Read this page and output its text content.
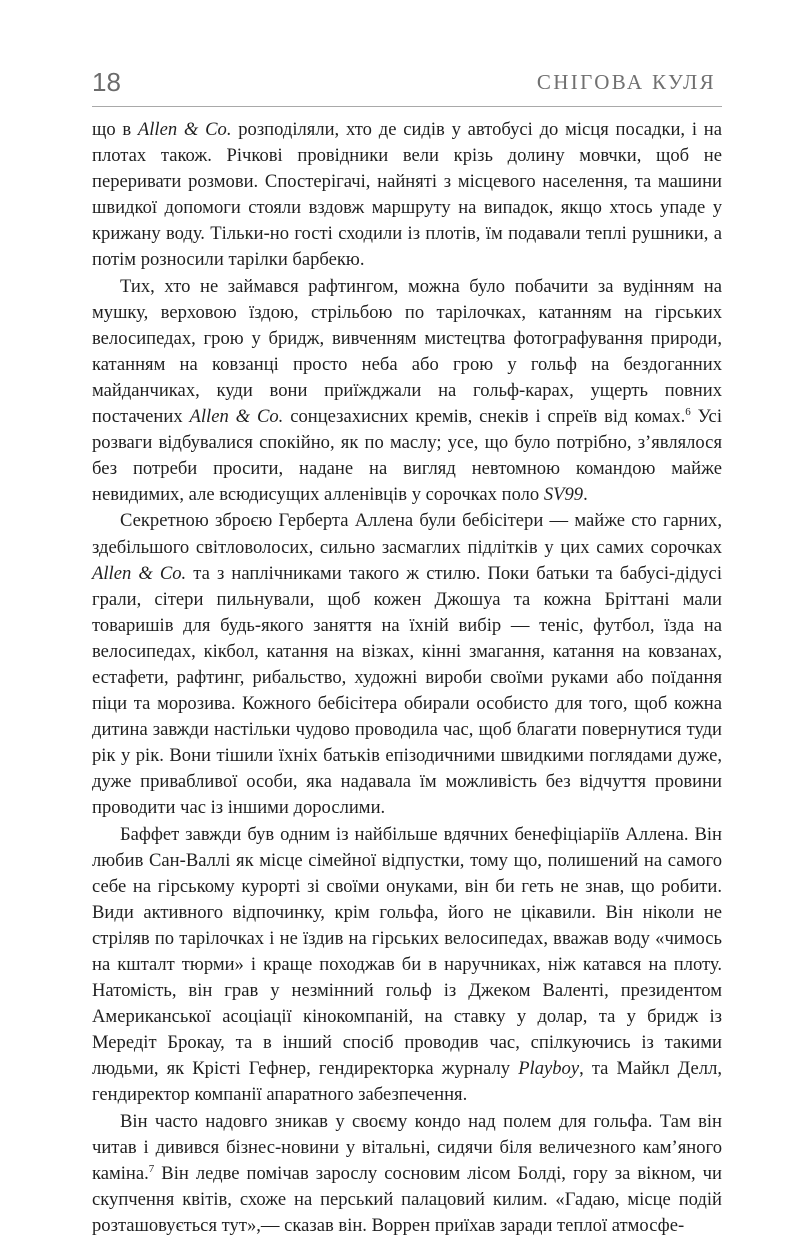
18	СНІГОВА КУЛЯ

що в Allen & Co. розподіляли, хто де сидів у автобусі до місця посадки, і на плотах також. Річкові провідники вели крізь долину мовчки, щоб не переривати розмови. Спостерігачі, найняті з місцевого населення, та машини швидкої допомоги стояли вздовж маршруту на випадок, якщо хтось упаде у крижану воду. Тільки-но гості сходили із плотів, їм подавали теплі рушники, а потім розносили тарілки барбекю.

Тих, хто не займався рафтингом, можна було побачити за вудінням на мушку, верховою їздою, стрільбою по тарілочках, катанням на гірських велосипедах, грою у бридж, вивченням мистецтва фотографування природи, катанням на ковзанці просто неба або грою у гольф на бездоганних майданчиках, куди вони приїжджали на гольф-карах, ущерть повних постачених Allen & Co. сонцезахисних кремів, снеків і спреїв від комах.$^6$ Усі розваги відбувалися спокійно, як по маслу; усе, що було потрібно, з’являлося без потреби просити, надане на вигляд невтомною командою майже невидимих, але всюдисущих алленівців у сорочках поло SV99.

Секретною зброєю Герберта Аллена були бебісітери — майже сто гарних, здебільшого світловолосих, сильно засмаглих підлітків у цих самих сорочках Allen & Co. та з наплічниками такого ж стилю. Поки батьки та бабусі-дідусі грали, сітери пильнували, щоб кожен Джошуа та кожна Бріттані мали товаришів для будь-якого заняття на їхній вибір — теніс, футбол, їзда на велосипедах, кікбол, катання на візках, кінні змагання, катання на ковзанах, естафети, рафтинг, рибальство, художні вироби своїми руками або поїдання піци та морозива. Кожного бебісітера обирали особисто для того, щоб кожна дитина завжди настільки чудово проводила час, щоб благати повернутися туди рік у рік. Вони тішили їхніх батьків епізодичними швидкими поглядами дуже, дуже привабливої особи, яка надавала їм можливість без відчуття провини проводити час із іншими дорослими.

Баффет завжди був одним із найбільше вдячних бенефіціаріїв Аллена. Він любив Сан-Валлі як місце сімейної відпустки, тому що, полишений на самого себе на гірському курорті зі своїми онуками, він би геть не знав, що робити. Види активного відпочинку, крім гольфа, його не цікавили. Він ніколи не стріляв по тарілочках і не їздив на гірських велосипедах, вважав воду «чимось на кшталт тюрми» і краще походжав би в наручниках, ніж катався на плоту. Натомість, він грав у незмінний гольф із Джеком Валенті, президентом Американської асоціації кінокомпаній, на ставку у долар, та у бридж із Мередіт Брокау, та в інший спосіб проводив час, спілкуючись із такими людьми, як Крісті Гефнер, гендиректорка журналу Playboy, та Майкл Делл, гендиректор компанії апаратного забезпечення.

Він часто надовго зникав у своєму кондо над полем для гольфа. Там він читав і дивився бізнес-новини у вітальні, сидячи біля величезного кам’яного каміна.$^7$ Він ледве помічав зарослу сосновим лісом Болді, гору за вікном, чи скупчення квітів, схоже на перський палацовий килим. «Гадаю, місце подій розташовується тут»,— сказав він. Воррен приїхав заради теплої атмосфе-
